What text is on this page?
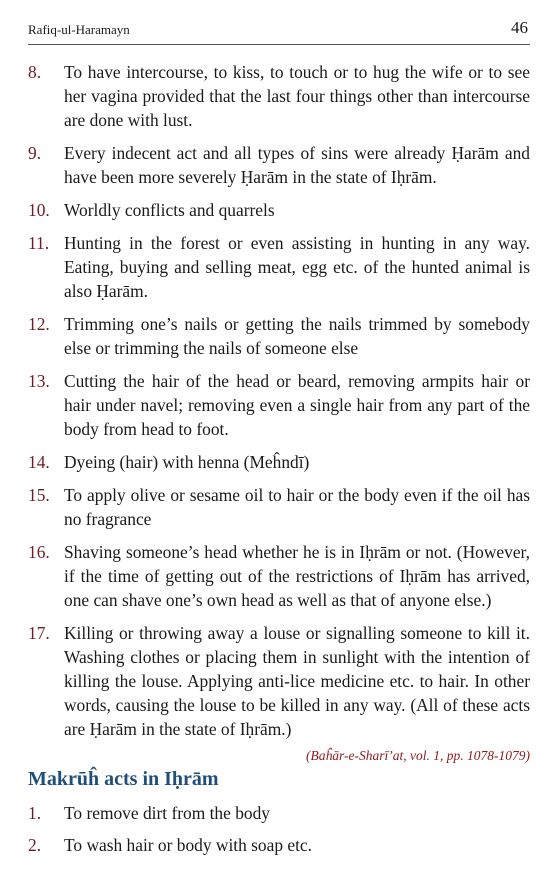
Rafiq-ul-Haramayn	46
8.	To have intercourse, to kiss, to touch or to hug the wife or to see her vagina provided that the last four things other than intercourse are done with lust.
9.	Every indecent act and all types of sins were already Ḥarām and have been more severely Ḥarām in the state of Iḥrām.
10. Worldly conflicts and quarrels
11. Hunting in the forest or even assisting in hunting in any way. Eating, buying and selling meat, egg etc. of the hunted animal is also Ḥarām.
12. Trimming one’s nails or getting the nails trimmed by somebody else or trimming the nails of someone else
13. Cutting the hair of the head or beard, removing armpits hair or hair under navel; removing even a single hair from any part of the body from head to foot.
14. Dyeing (hair) with henna (Meĥndī)
15. To apply olive or sesame oil to hair or the body even if the oil has no fragrance
16. Shaving someone’s head whether he is in Iḥrām or not. (However, if the time of getting out of the restrictions of Iḥrām has arrived, one can shave one’s own head as well as that of anyone else.)
17. Killing or throwing away a louse or signalling someone to kill it. Washing clothes or placing them in sunlight with the intention of killing the louse. Applying anti-lice medicine etc. to hair. In other words, causing the louse to be killed in any way. (All of these acts are Ḥarām in the state of Iḥrām.)
(Baĥār-e-Sharī’at, vol. 1, pp. 1078-1079)
Makrūĥ acts in Iḥrām
1.	To remove dirt from the body
2.	To wash hair or body with soap etc.
